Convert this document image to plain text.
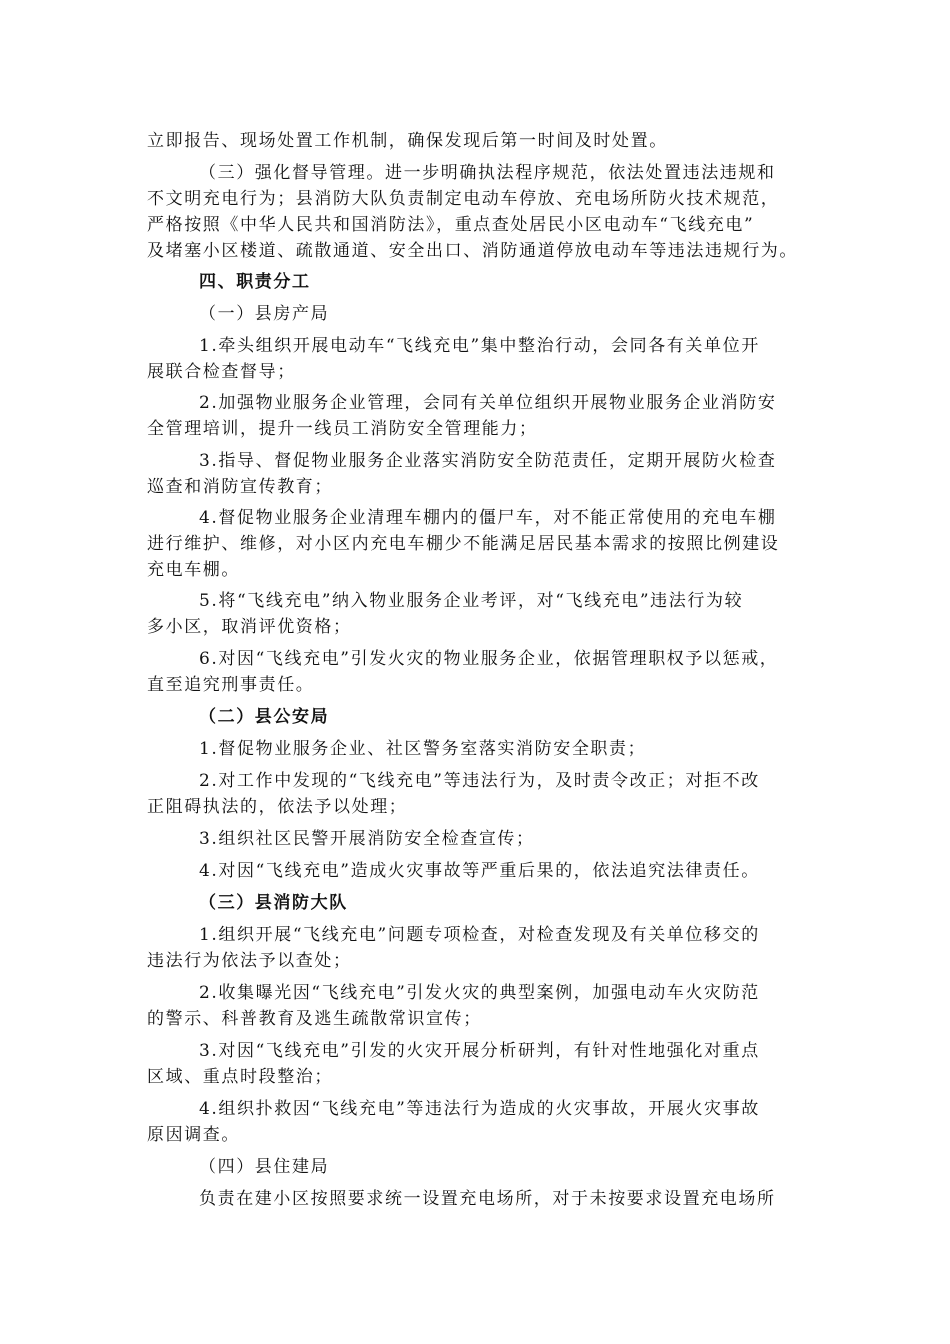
立即报告、现场处置工作机制，确保发现后第一时间及时处置。
（三）强化督导管理。进一步明确执法程序规范，依法处置违法违规和
不文明充电行为；县消防大队负责制定电动车停放、充电场所防火技术规范，
严格按照《中华人民共和国消防法》，重点查处居民小区电动车“飞线充电”
及堵塞小区楼道、疏散通道、安全出口、消防通道停放电动车等违法违规行为。
四、职责分工
（一）县房产局
1.牵头组织开展电动车“飞线充电”集中整治行动，会同各有关单位开
展联合检查督导；
2.加强物业服务企业管理，会同有关单位组织开展物业服务企业消防安
全管理培训，提升一线员工消防安全管理能力；
3.指导、督促物业服务企业落实消防安全防范责任，定期开展防火检查
巡查和消防宣传教育；
4.督促物业服务企业清理车棚内的僵尸车，对不能正常使用的充电车棚
进行维护、维修，对小区内充电车棚少不能满足居民基本需求的按照比例建设
充电车棚。
5.将“飞线充电”纳入物业服务企业考评，对“飞线充电”违法行为较
多小区，取消评优资格；
6.对因“飞线充电”引发火灾的物业服务企业，依据管理职权予以惩戒，
直至追究刑事责任。
（二）县公安局
1.督促物业服务企业、社区警务室落实消防安全职责；
2.对工作中发现的“飞线充电”等违法行为，及时责令改正；对拒不改
正阻碍执法的，依法予以处理；
3.组织社区民警开展消防安全检查宣传；
4.对因“飞线充电”造成火灾事故等严重后果的，依法追究法律责任。
（三）县消防大队
1.组织开展“飞线充电”问题专项检查，对检查发现及有关单位移交的
违法行为依法予以查处；
2.收集曝光因“飞线充电”引发火灾的典型案例，加强电动车火灾防范
的警示、科普教育及逃生疏散常识宣传；
3.对因“飞线充电”引发的火灾开展分析研判，有针对性地强化对重点
区域、重点时段整治；
4.组织扑救因“飞线充电”等违法行为造成的火灾事故，开展火灾事故
原因调查。
（四）县住建局
负责在建小区按照要求统一设置充电场所，对于未按要求设置充电场所
